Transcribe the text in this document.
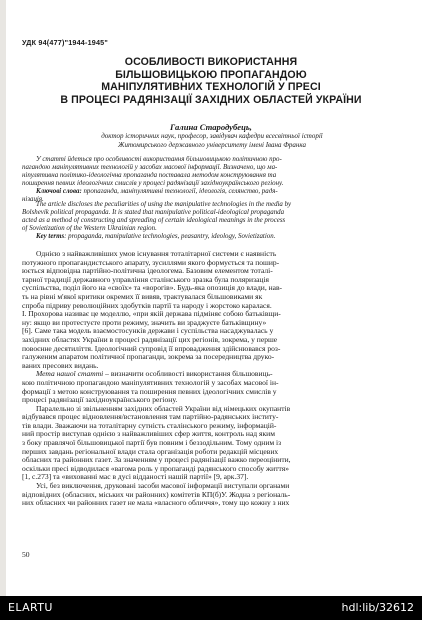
УДК 94(477)"1944-1945"
ОСОБЛИВОСТІ ВИКОРИСТАННЯ
БІЛЬШОВИЦЬКОЮ ПРОПАГАНДОЮ
МАНІПУЛЯТИВНИХ ТЕХНОЛОГІЙ У ПРЕСІ
В ПРОЦЕСІ РАДЯНІЗАЦІЇ ЗАХІДНИХ ОБЛАСТЕЙ УКРАЇНИ
Галина Стародубець,
доктор історичних наук, професор, завідувач кафедри всесвітньої історії
Житомирського державного університету імені Івана Франка
У статті йдеться про особливості використання більшовицькою політичною про-
пагандою маніпулятивних технологій у засобах масової інформації. Визначено, що ма-
ніпулятивна політико-ідеологічна пропаганда поставала методом конструювання та
поширення певних ідеологічних смислів у процесі радянізації західноукраїнського регіону.
Ключові слова: пропаганда, маніпулятивні технології, ідеологія, селянство, радя-
нізація.
The article discloses the peculiarities of using the manipulative technologies in the media by
Bolshevik political propaganda. It is stated that manipulative political-ideological propaganda
acted as a method of constructing and spreading of certain ideological meanings in the process
of Sovietization of the Western Ukrainian region.
Key terms: propaganda, manipulative technologies, peasantry, ideology, Sovietization.
Однією з найважливіших умов існування тоталітарної системи є наявність
потужного пропагандистського апарату, зусиллями якого формується та пошир-
юється відповідна партійно-політична ідеологема. Базовим елементом тоталі-
тарної традиції державного управління сталінського зразка була поляризація
суспільства, поділ його на «своїх» та «ворогів». Будь-яка опозиція до влади, нав-
ть на рівні м'якої критики окремих її вивяв, трактувалася більшовиками як
спроба підриву революційних здобутків партії та народу і жорстоко каралася.
І. Прохорова називає це моделлю, «при якій держава підміняє собою батьківщи-
ну: якщо ви протестуєте проти режиму, значить ви зраджуєте батьківщину»
[6]. Саме така модель взаємостосунків держави і суспільства насаджувалась у
західних областях України в процесі радянізації цих регіонів, зокрема, у перше
повоєнне десятиліття. Ідеологічний супровід її впровадження здійснювався роз-
галуженим апаратом політичної пропаганди, зокрема за посередництва друко-
ваних пресових видань.
Мета нашої статті – визначити особливості використання більшовиць-
кою політичною пропагандою маніпулятивних технологій у засобах масової ін-
формації з метою конструювання та поширення певних ідеологічних смислів у
процесі радянізації західноукраїнського регіону.
Паралельно зі звільненням західних областей України від німецьких окупантів
відбувався процес відновлення/встановлення там партійно-радянських інститу-
тів влади. Зважаючи на тоталітарну сутність сталінського режиму, інформацій-
ний простір виступав однією з найважливіших сфер життя, контроль над яким
з боку правлячої більшовицької партії був повним і беззодільним. Тому одним із
перших завдань регіональної влади стала організація роботи редакцій місцевих
обласних та районних газет. За значенням у процесі радянізації важко переоцінити,
оскільки пресі відводилася «вагома роль у пропаганді радянського способу життя»
[1, с.273] та «вихованні мас в дусі відданості нашій партії» [9, арк.37].
Усі, без виключення, друковані засоби масової інформації виступали органами
відповідних (обласних, міських чи районних) комітетів КП(б)У. Жодна з регіональ-
них обласних чи районних газет не мала «власного обличчя», тому що кожну з них
50
ELARTU	hdl:lib/32612
